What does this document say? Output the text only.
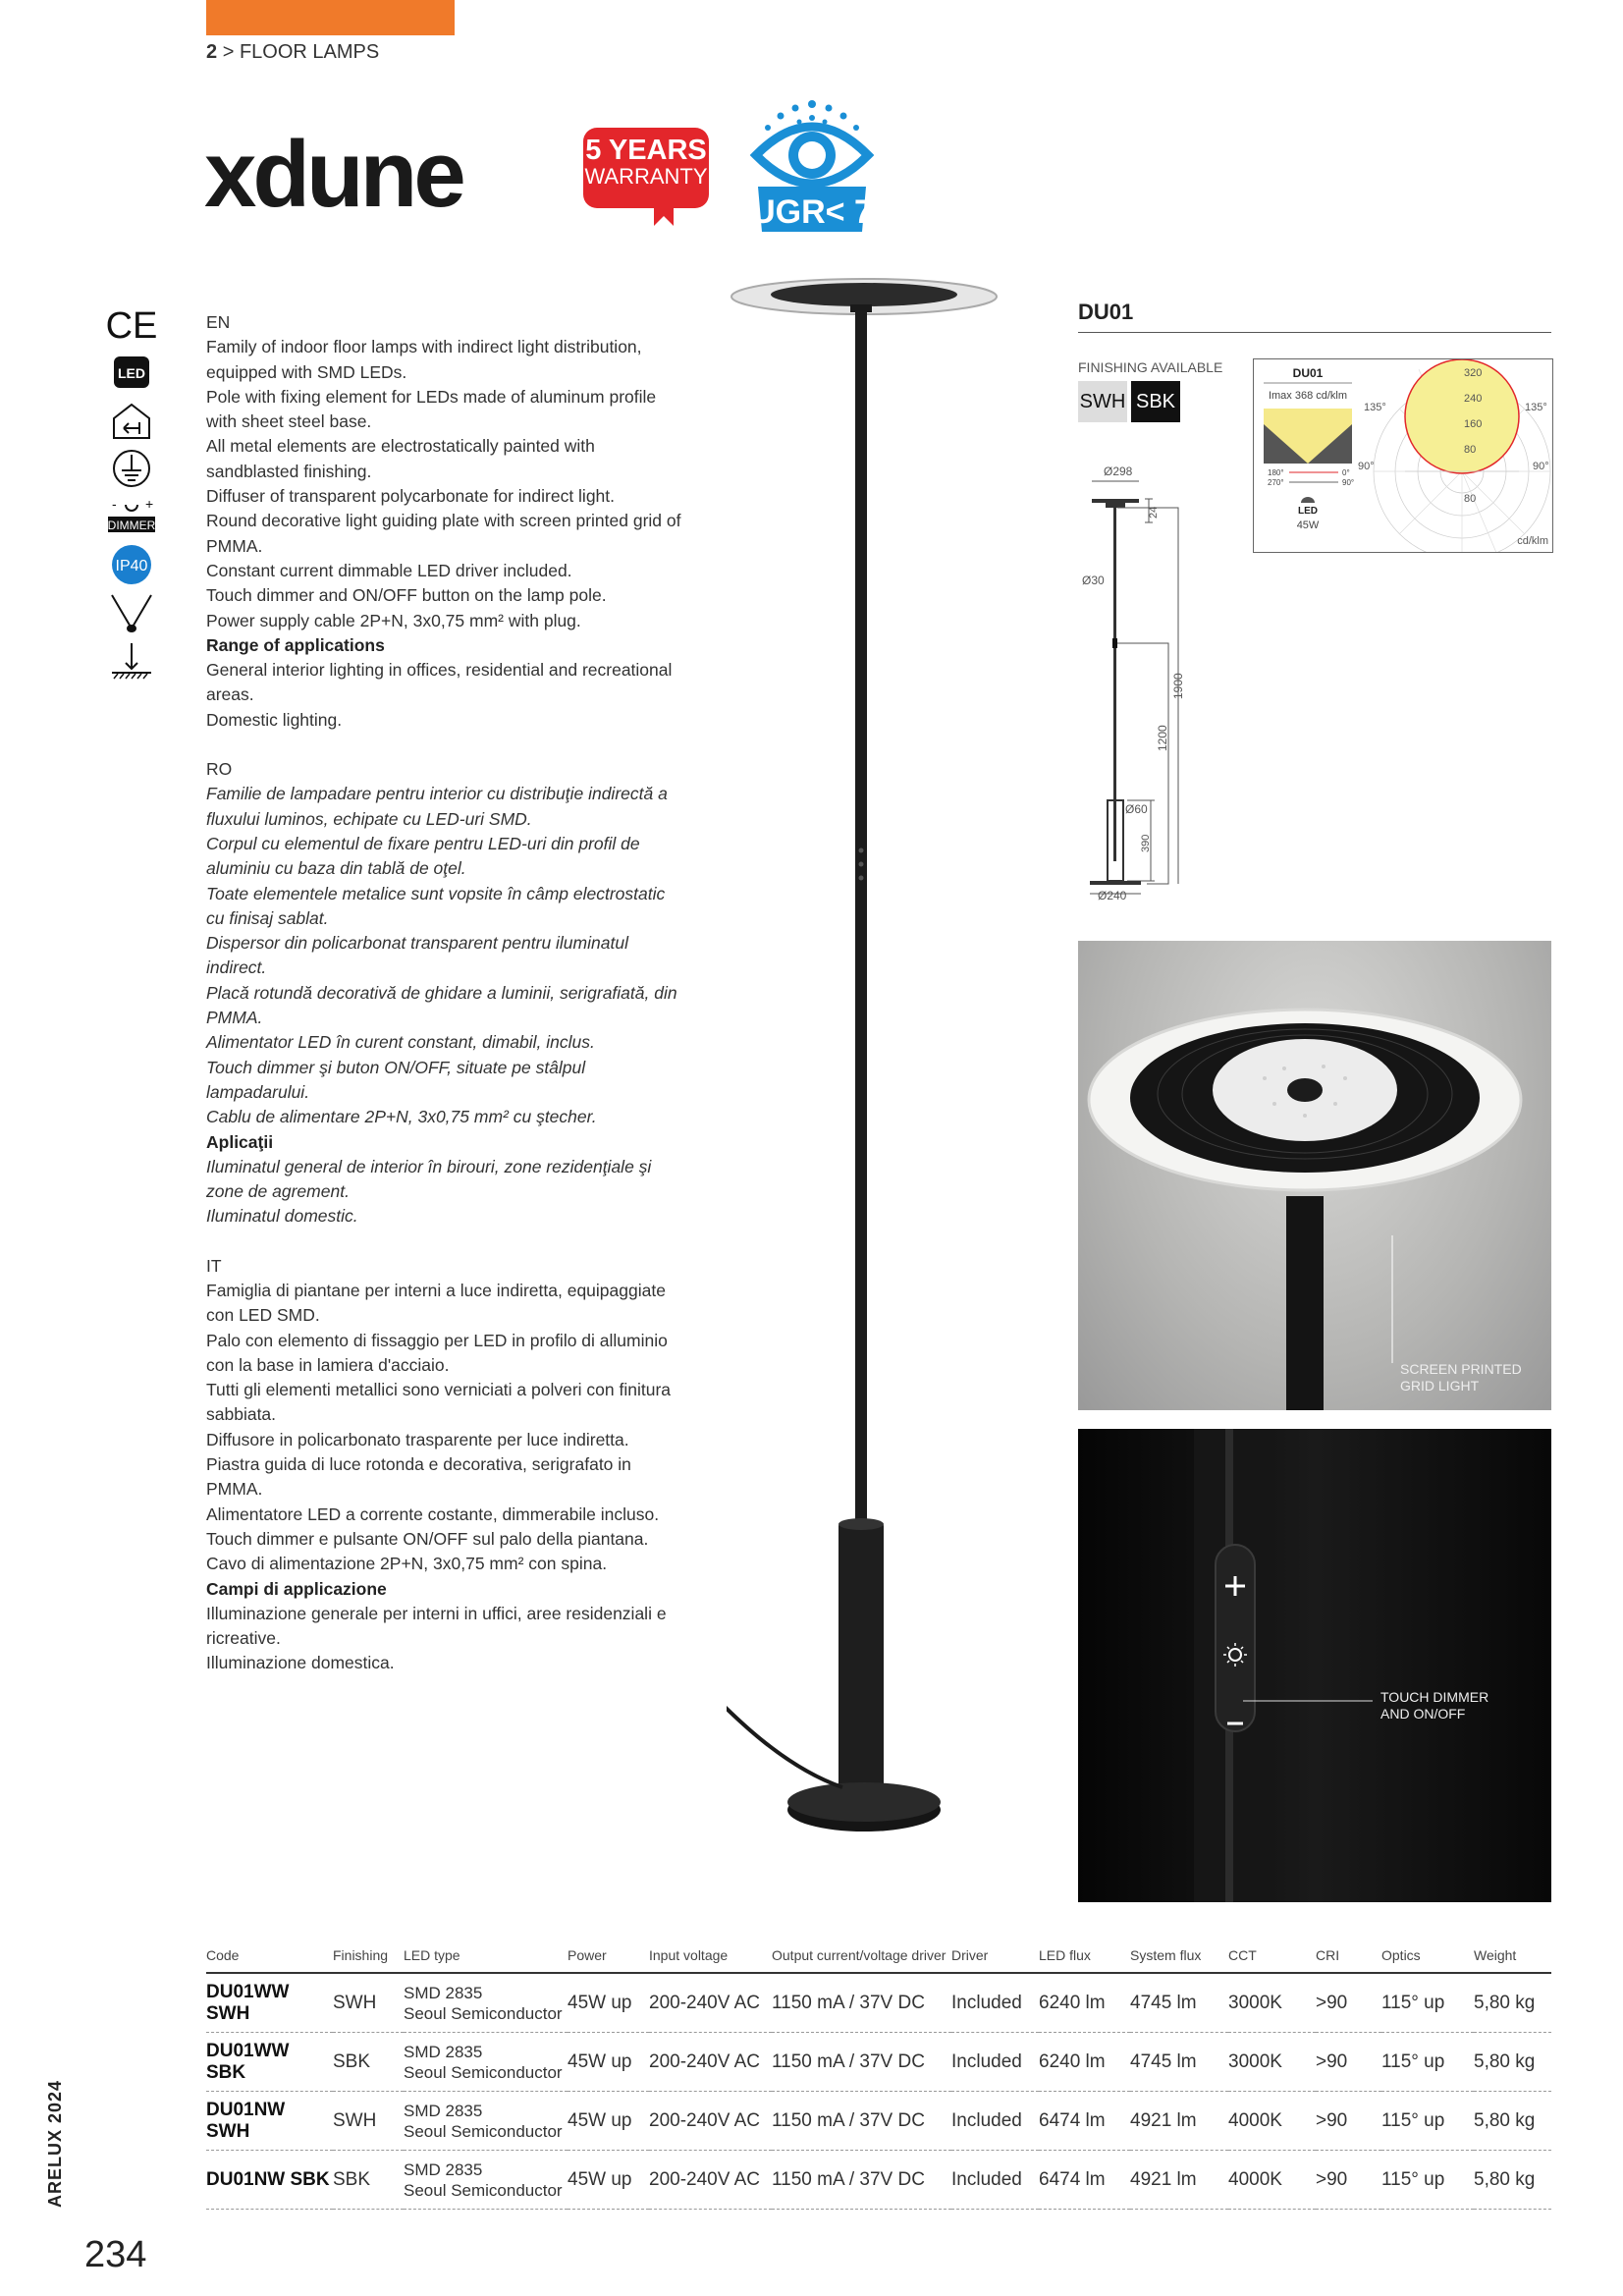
2 > FLOOR LAMPS
xdune	5 YEARS
WARRANTY
UGR< 7
CE
LED
- +
DIMMER
IP40

EN

Family of indoor floor lamps with indirect light distribution, equipped with SMD LEDs.

Pole with fixing element for LEDs made of aluminum profile with sheet steel base.

All metal elements are electrostatically painted with sandblasted finishing.

Diffuser of transparent polycarbonate for indirect light.

Round decorative light guiding plate with screen printed grid of PMMA.

Constant current dimmable LED driver included.

Touch dimmer and ON/OFF button on the lamp pole.

Power supply cable 2P+N, 3x0,75 mm² with plug.

Range of applications

General interior lighting in offices, residential and recreational areas.

Domestic lighting.

RO

Familie de lampadare pentru interior cu distribuţie indirectă a fluxului luminos, echipate cu LED-uri SMD.

Corpul cu elementul de fixare pentru LED-uri din profil de aluminiu cu baza din tablă de oţel.

Toate elementele metalice sunt vopsite în câmp electrostatic cu finisaj sablat.

Dispersor din policarbonat transparent pentru iluminatul indirect.

Placă rotundă decorativă de ghidare a luminii, serigrafiată, din PMMA.

Alimentator LED în curent constant, dimabil, inclus.

Touch dimmer şi buton ON/OFF, situate pe stâlpul lampadarului.

Cablu de alimentare 2P+N, 3x0,75 mm² cu ştecher.

Aplicaţii

Iluminatul general de interior în birouri, zone rezidenţiale şi zone de agrement.

Iluminatul domestic.

IT

Famiglia di piantane per interni a luce indiretta, equipaggiate con LED SMD.

Palo con elemento di fissaggio per LED in profilo di alluminio con la base in lamiera d'acciaio.

Tutti gli elementi metallici sono verniciati a polveri con finitura sabbiata.

Diffusore in policarbonato trasparente per luce indiretta.

Piastra guida di luce rotonda e decorativa, serigrafato in PMMA.

Alimentatore LED a corrente costante, dimmerabile incluso.

Touch dimmer e pulsante ON/OFF sul palo della piantana.

Cavo di alimentazione 2P+N, 3x0,75 mm² con spina.

Campi di applicazione

Illuminazione generale per interni in uffici, aree residenziali e ricreative.

Illuminazione domestica.

DU01
FINISHING AVAILABLE
SWH SBK
Ø298
24
Ø30
1900
1200
Ø60
390
Ø240
DU01
Imax 368 cd/klm
180°	0°
270°	90°
LED
45W
320
240
160
80
80
135°	135°
90°	90°
cd/klm
SCREEN PRINTED
GRID LIGHT
TOUCH DIMMER
AND ON/OFF
Code	Finishing	LED type	Power	Input voltage	Output current/voltage driver	Driver	LED flux	System flux	CCT	CRI	Optics	Weight
DU01WW SWH	SWH	SMD 2835
Seoul Semiconductor	45W up	200-240V AC	1150 mA / 37V DC	Included	6240 lm	4745 lm	3000K	>90	115° up	5,80 kg
DU01WW SBK	SBK	SMD 2835
Seoul Semiconductor	45W up	200-240V AC	1150 mA / 37V DC	Included	6240 lm	4745 lm	3000K	>90	115° up	5,80 kg
DU01NW SWH	SWH	SMD 2835
Seoul Semiconductor	45W up	200-240V AC	1150 mA / 37V DC	Included	6474 lm	4921 lm	4000K	>90	115° up	5,80 kg
DU01NW SBK	SBK	SMD 2835
Seoul Semiconductor	45W up	200-240V AC	1150 mA / 37V DC	Included	6474 lm	4921 lm	4000K	>90	115° up	5,80 kg
ARELUX 2024
234
